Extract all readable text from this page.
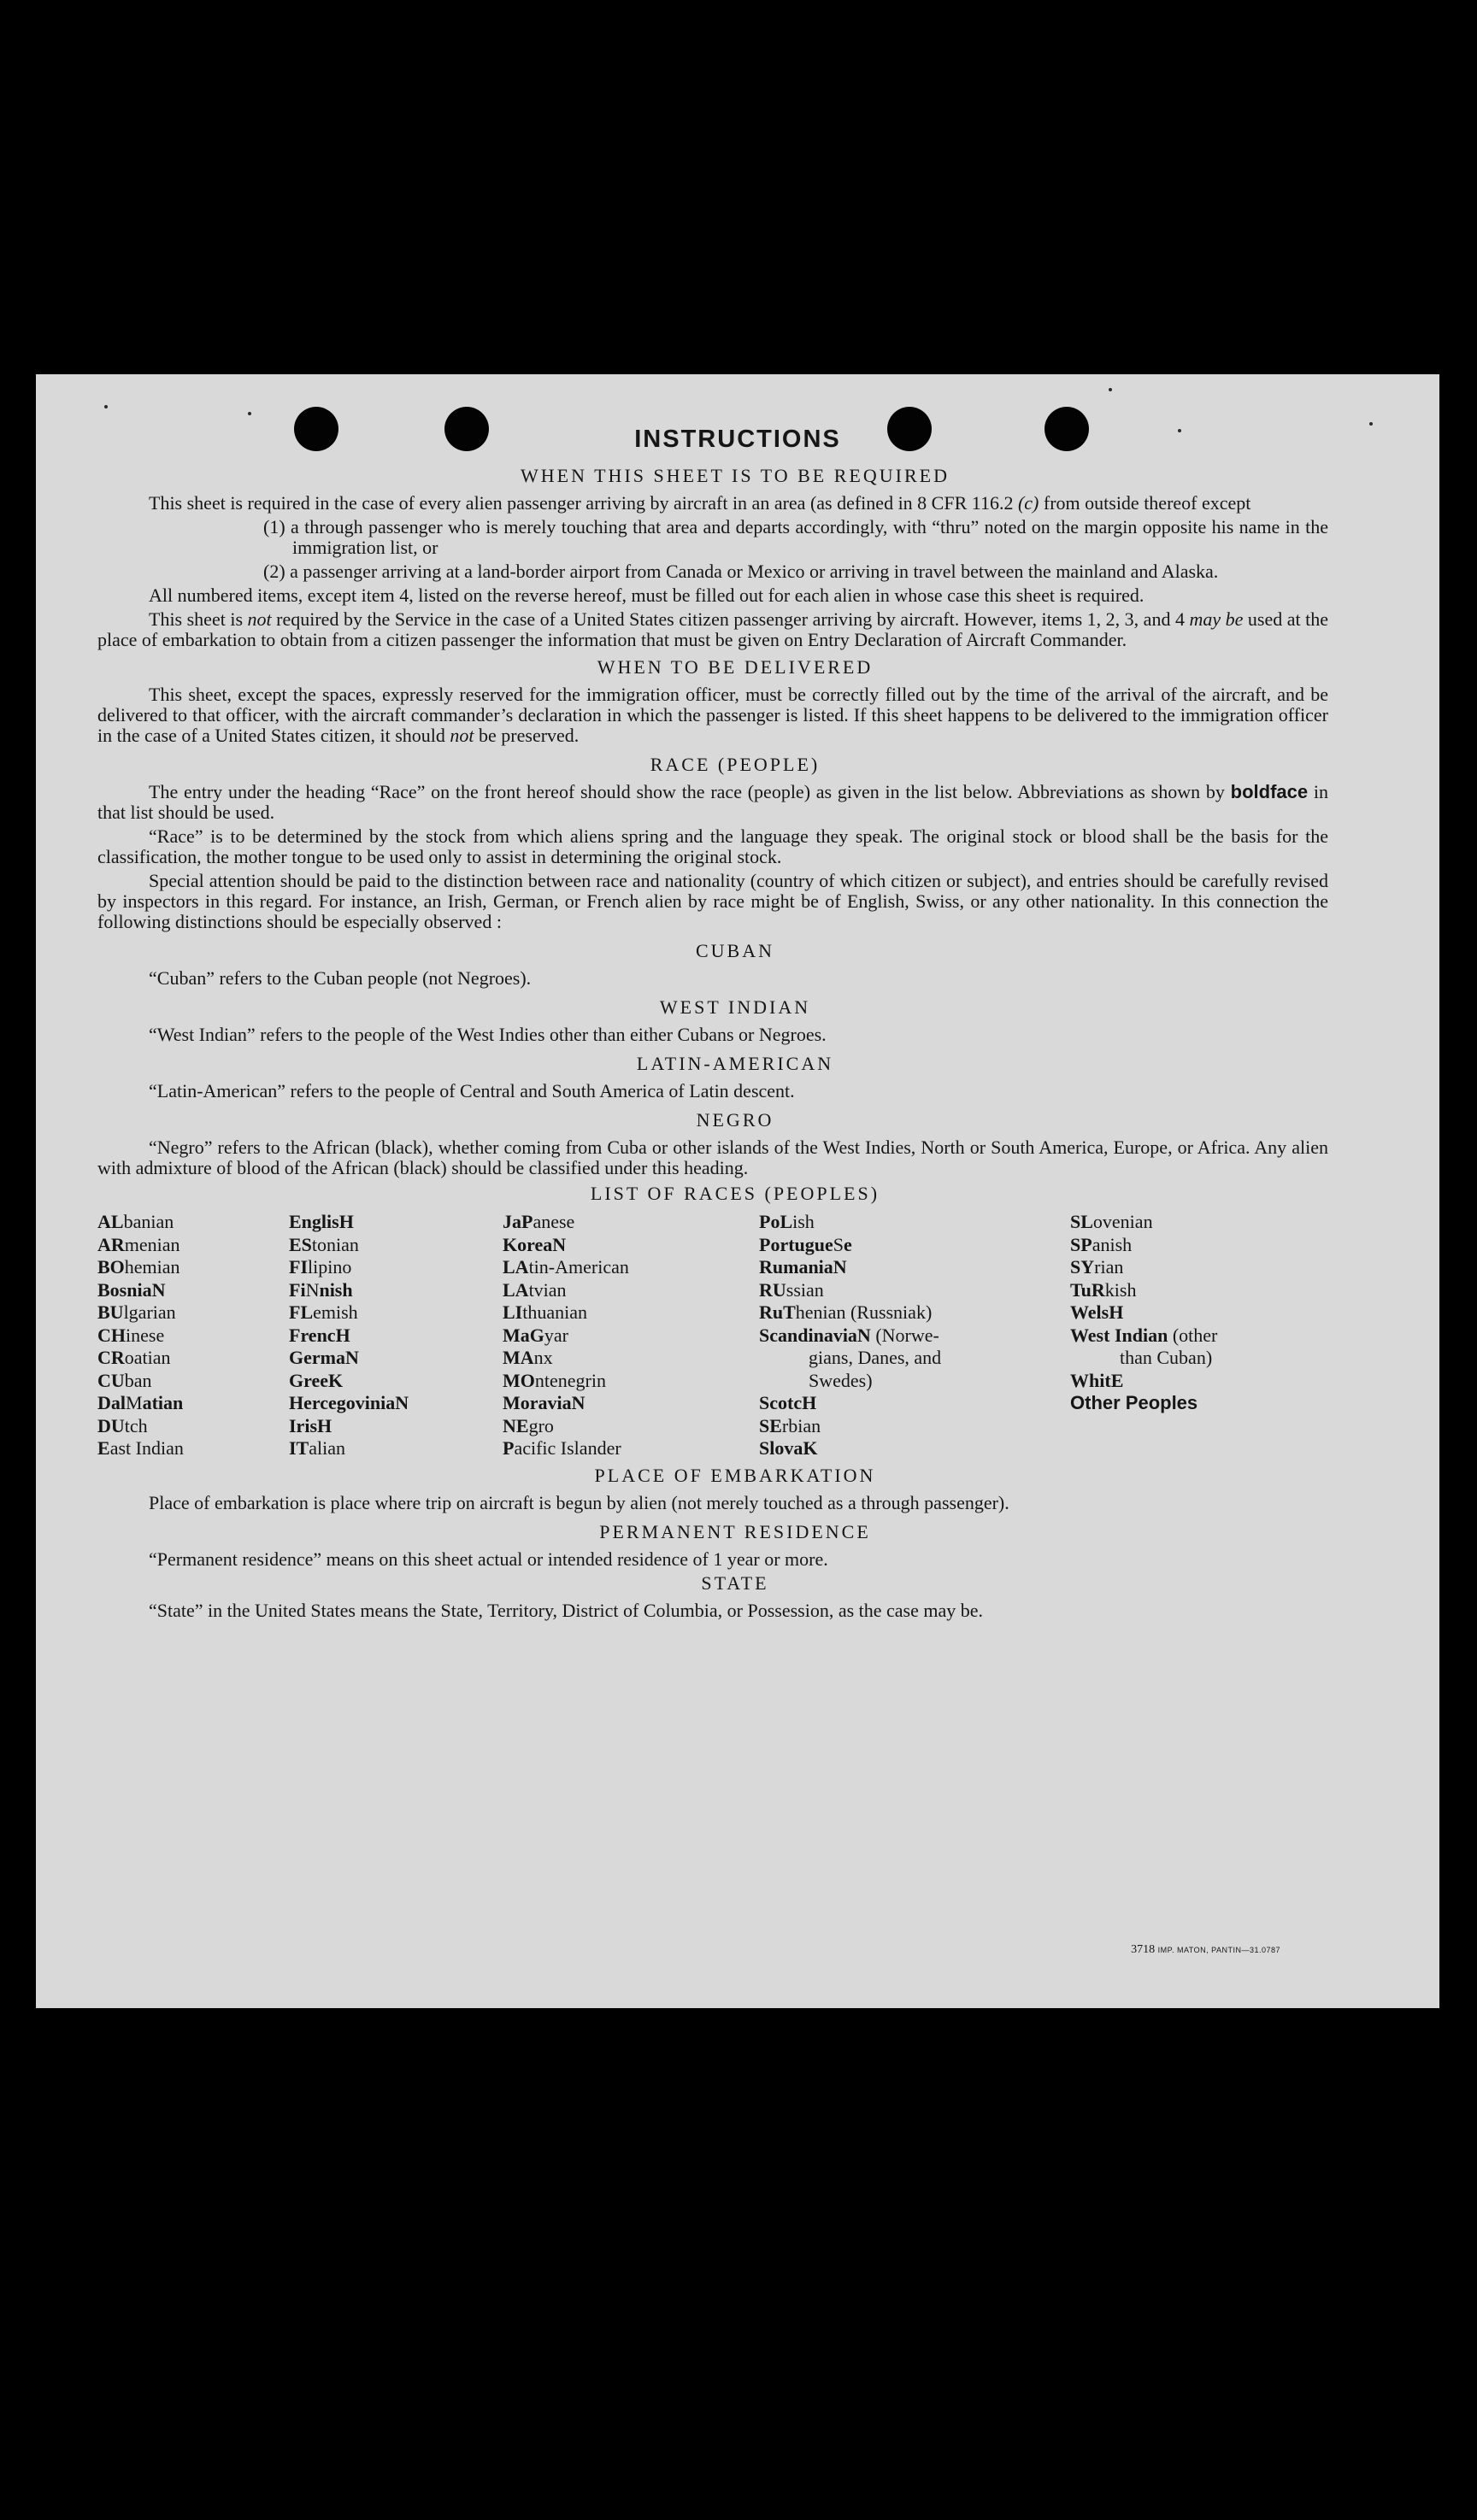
INSTRUCTIONS
WHEN THIS SHEET IS TO BE REQUIRED

This sheet is required in the case of every alien passenger arriving by aircraft in an area (as defined in 8 CFR 116.2 (c) from outside thereof except

(1) a through passenger who is merely touching that area and departs accordingly, with “thru” noted on the margin opposite his name in the immigration list, or
(2) a passenger arriving at a land-border airport from Canada or Mexico or arriving in travel between the mainland and Alaska.

All numbered items, except item 4, listed on the reverse hereof, must be filled out for each alien in whose case this sheet is required.

This sheet is not required by the Service in the case of a United States citizen passenger arriving by aircraft. However, items 1, 2, 3, and 4 may be used at the place of embarkation to obtain from a citizen passenger the information that must be given on Entry Declaration of Aircraft Commander.

WHEN TO BE DELIVERED

This sheet, except the spaces, expressly reserved for the immigration officer, must be correctly filled out by the time of the arrival of the aircraft, and be delivered to that officer, with the aircraft commander’s declaration in which the passenger is listed. If this sheet happens to be delivered to the immigration officer in the case of a United States citizen, it should not be preserved.

RACE (PEOPLE)

The entry under the heading “Race” on the front hereof should show the race (people) as given in the list below. Abbreviations as shown by boldface in that list should be used.

“Race” is to be determined by the stock from which aliens spring and the language they speak. The original stock or blood shall be the basis for the classification, the mother tongue to be used only to assist in determining the original stock.

Special attention should be paid to the distinction between race and nationality (country of which citizen or subject), and entries should be carefully revised by inspectors in this regard. For instance, an Irish, German, or French alien by race might be of English, Swiss, or any other nationality. In this connection the following distinctions should be especially observed :

CUBAN

“Cuban” refers to the Cuban people (not Negroes).

WEST INDIAN

“West Indian” refers to the people of the West Indies other than either Cubans or Negroes.

LATIN-AMERICAN

“Latin-American” refers to the people of Central and South America of Latin descent.

NEGRO

“Negro” refers to the African (black), whether coming from Cuba or other islands of the West Indies, North or South America, Europe, or Africa. Any alien with admixture of blood of the African (black) should be classified under this heading.

LIST OF RACES (PEOPLES)
ALbanian
ARmenian
BOhemian
BosniaN
BUlgarian
CHinese
CRoatian
CUban
DalMatian
DUtch
East Indian
EnglisH
EStonian
FIlipino
FiNnish
FLemish
FrencH
GermaN
GreeK
HercegoviniaN
IrisH
ITalian
JaPanese
KoreaN
LAtin-American
LAtvian
LIthuanian
MaGyar
MAnx
MOntenegrin
MoraviaN
NEgro
Pacific Islander
PoLish
PortugueSe
RumaniaN
RUssian
RuThenian (Russniak)
ScandinaviaN (Norwe-
gians, Danes, and
Swedes)
ScotcH
SErbian
SlovaK
SLovenian
SPanish
SYrian
TuRkish
WelsH
West Indian (other
than Cuban)
WhitE
Other Peoples
PLACE OF EMBARKATION

Place of embarkation is place where trip on aircraft is begun by alien (not merely touched as a through passenger).

PERMANENT RESIDENCE

“Permanent residence” means on this sheet actual or intended residence of 1 year or more.

STATE

“State” in the United States means the State, Territory, District of Columbia, or Possession, as the case may be.

3718 IMP. MATON, PANTIN—31.0787
